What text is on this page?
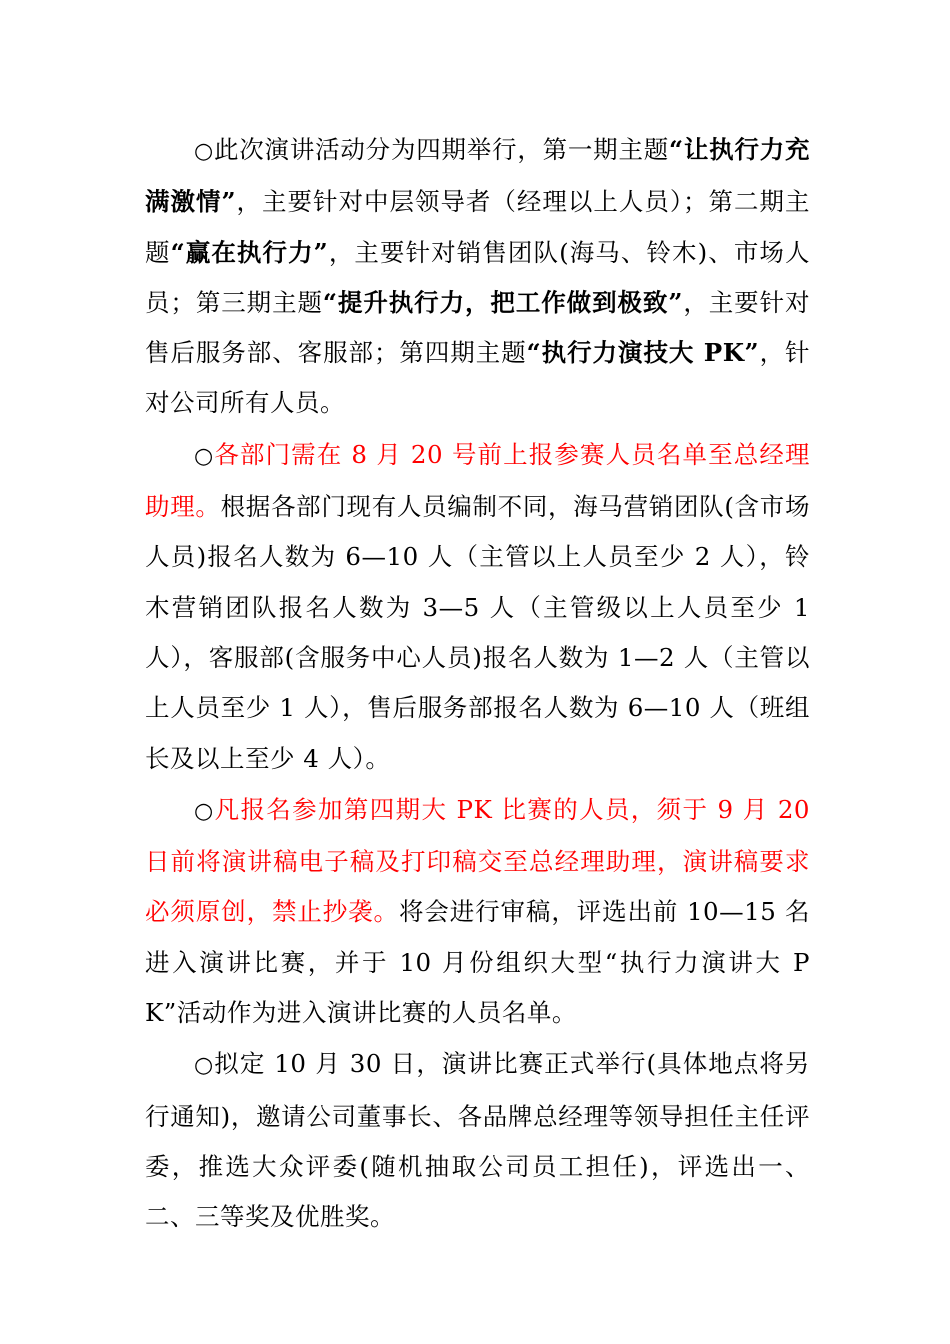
○此次演讲活动分为四期举行，第一期主题“让执行力充满激情”，主要针对中层领导者（经理以上人员）；第二期主题“赢在执行力”，主要针对销售团队(海马、铃木)、市场人员；第三期主题“提升执行力，把工作做到极致”，主要针对售后服务部、客服部；第四期主题“执行力演技大 PK”，针对公司所有人员。

○各部门需在 8 月 20 号前上报参赛人员名单至总经理助理。根据各部门现有人员编制不同，海马营销团队(含市场人员)报名人数为 6—10 人（主管以上人员至少 2 人），铃木营销团队报名人数为 3—5 人（主管级以上人员至少 1 人），客服部(含服务中心人员)报名人数为 1—2 人（主管以上人员至少 1 人），售后服务部报名人数为 6—10 人（班组长及以上至少 4 人）。

○凡报名参加第四期大 PK 比赛的人员，须于 9 月 20 日前将演讲稿电子稿及打印稿交至总经理助理，演讲稿要求必须原创，禁止抄袭。将会进行审稿，评选出前 10—15 名进入演讲比赛，并于 10 月份组织大型“执行力演讲大 PK”活动作为进入演讲比赛的人员名单。

○拟定 10 月 30 日，演讲比赛正式举行(具体地点将另行通知)，邀请公司董事长、各品牌总经理等领导担任主任评委，推选大众评委(随机抽取公司员工担任)，评选出一、二、三等奖及优胜奖。
